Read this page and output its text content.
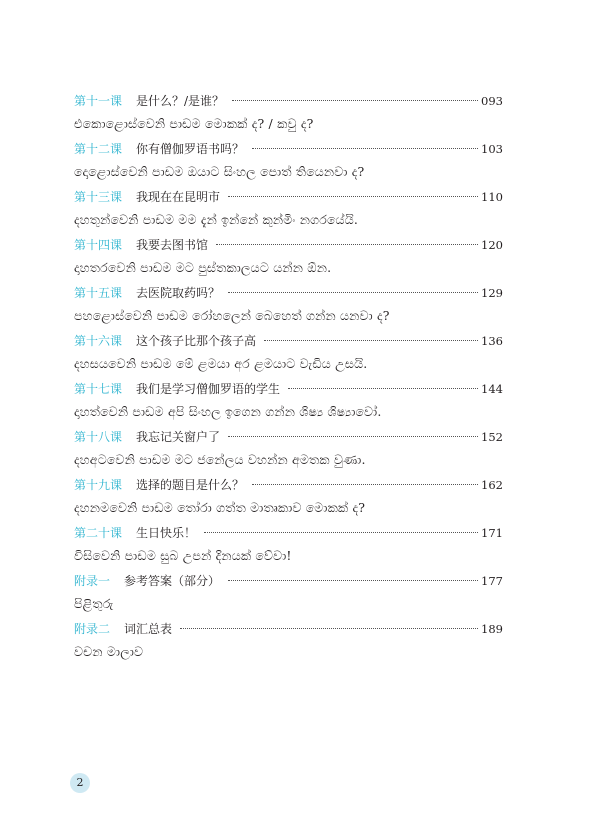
第十一课 是什么？/是谁？	093
එකොළොස්වෙනි පාඩම මොකක් ද? / කවු ද?
第十二课 你有僧伽罗语书吗？	103
දොළොස්වෙනි පාඩම ඔයාට සිංහල පොත් තියෙනවා ද?
第十三课 我现在在昆明市	110
දහතුන්වෙනි පාඩම මම දැන් ඉන්නේ කුන්මිං නගරයේයි.
第十四课 我要去图书馆	120
දාහතරවෙනි පාඩම මට පුස්තකාලයට යන්න ඕන.
第十五课 去医院取药吗？	129
පහළොස්වෙනි පාඩම රෝහලෙන් බෙහෙත් ගන්න යනවා ද?
第十六课 这个孩子比那个孩子高	136
දහසයවෙනි පාඩම මේ ළමයා අර ළමයාට වැඩිය උසයි.
第十七课 我们是学习僧伽罗语的学生	144
දාහත්වෙනි පාඩම අපි සිංහල ඉගෙන ගන්න ශිෂ්‍ය ශිෂ්‍යාවෝ.
第十八课 我忘记关窗户了	152
දහඅටවෙනි පාඩම මට ජනේලය වහන්න අමතක වුණා.
第十九课 选择的题目是什么？	162
දහනමවෙනි පාඩම තෝරා ගත්ත මාතෘකාව මොකක් ද?
第二十课 生日快乐！	171
විසිවෙනි පාඩම සුබ උපන් දිනයක් වේවා!
附录一 参考答案（部分）	177
පිළිතුරු
附录二 词汇总表	189
වචන මාලාව
2
